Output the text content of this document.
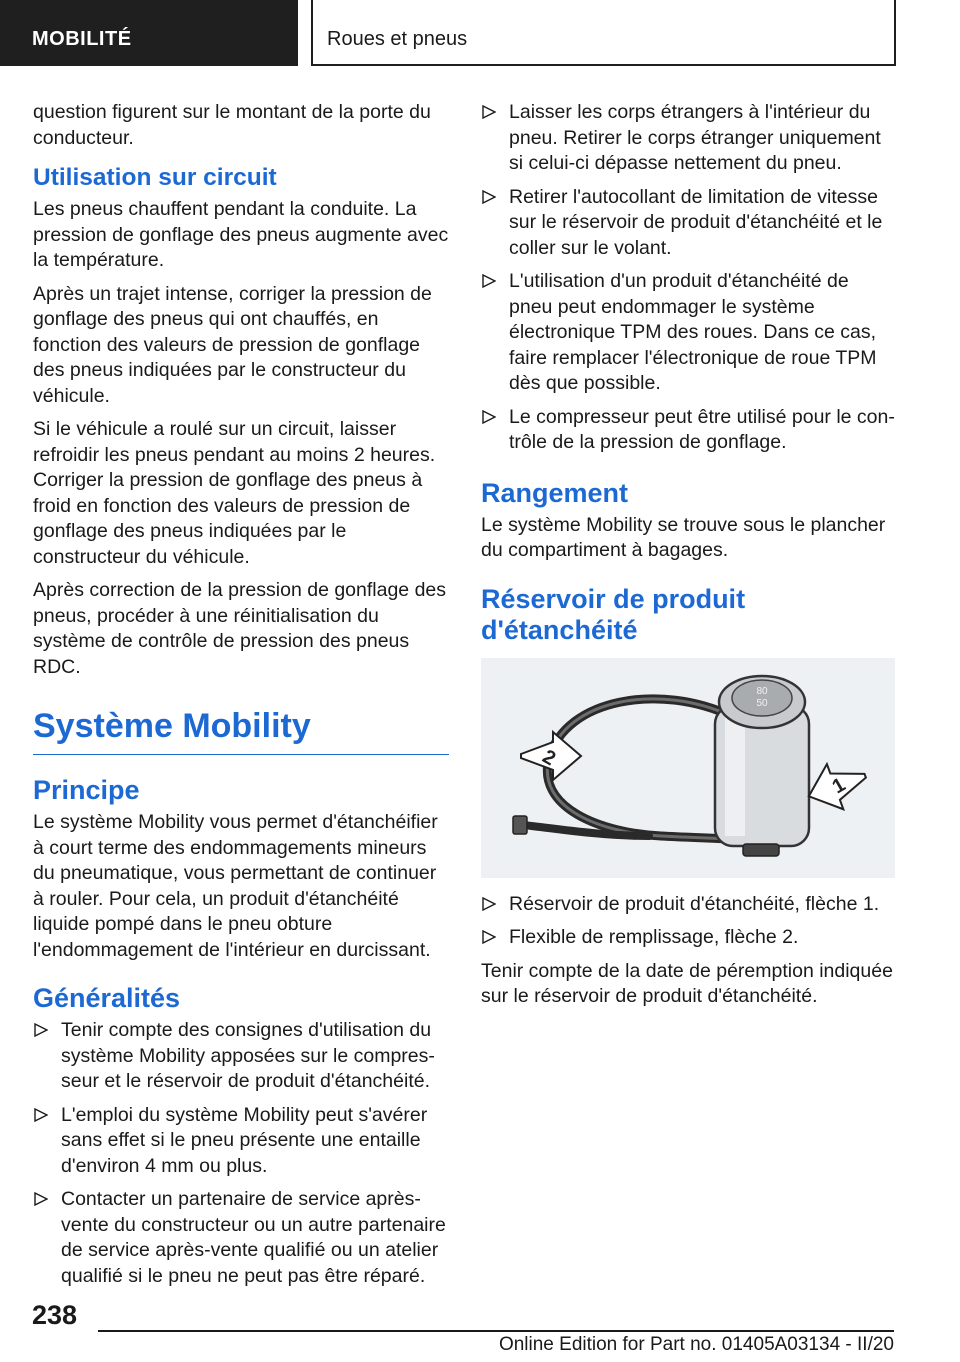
MOBILITÉ	Roues et pneus

question figurent sur le montant de la porte du conducteur.

Utilisation sur circuit

Les pneus chauffent pendant la conduite. La pression de gonflage des pneus augmente avec la température.

Après un trajet intense, corriger la pression de gonflage des pneus qui ont chauffés, en fonction des valeurs de pression de gonflage des pneus indiquées par le constructeur du véhicule.

Si le véhicule a roulé sur un circuit, laisser refroidir les pneus pendant au moins 2 heures. Corriger la pression de gonflage des pneus à froid en fonction des valeurs de pression de gonflage des pneus indiquées par le constructeur du véhicule.

Après correction de la pression de gonflage des pneus, procéder à une réinitialisation du système de contrôle de pression des pneus RDC.

Système Mobility
Principe

Le système Mobility vous permet d'étanchéifier à court terme des endommagements mineurs du pneumatique, vous permettant de continuer à rouler. Pour cela, un produit d'étanchéité liquide pompé dans le pneu obture l'endommagement de l'intérieur en durcissant.

Généralités
Tenir compte des consignes d'utilisation du système Mobility apposées sur le compresseur et le réservoir de produit d'étanchéité.
L'emploi du système Mobility peut s'avérer sans effet si le pneu présente une entaille d'environ 4 mm ou plus.
Contacter un partenaire de service après-vente du constructeur ou un autre partenaire de service après-vente qualifié ou un atelier qualifié si le pneu ne peut pas être réparé.
Laisser les corps étrangers à l'intérieur du pneu. Retirer le corps étranger uniquement si celui-ci dépasse nettement du pneu.
Retirer l'autocollant de limitation de vitesse sur le réservoir de produit d'étanchéité et le coller sur le volant.
L'utilisation d'un produit d'étanchéité de pneu peut endommager le système électronique TPM des roues. Dans ce cas, faire remplacer l'électronique de roue TPM dès que possible.
Le compresseur peut être utilisé pour le contrôle de la pression de gonflage.
Rangement

Le système Mobility se trouve sous le plancher du compartiment à bagages.

Réservoir de produit d'étanchéité
80
50
2
1
Réservoir de produit d'étanchéité, flèche 1.
Flexible de remplissage, flèche 2.

Tenir compte de la date de péremption indiquée sur le réservoir de produit d'étanchéité.

238
Online Edition for Part no. 01405A03134 - II/20
